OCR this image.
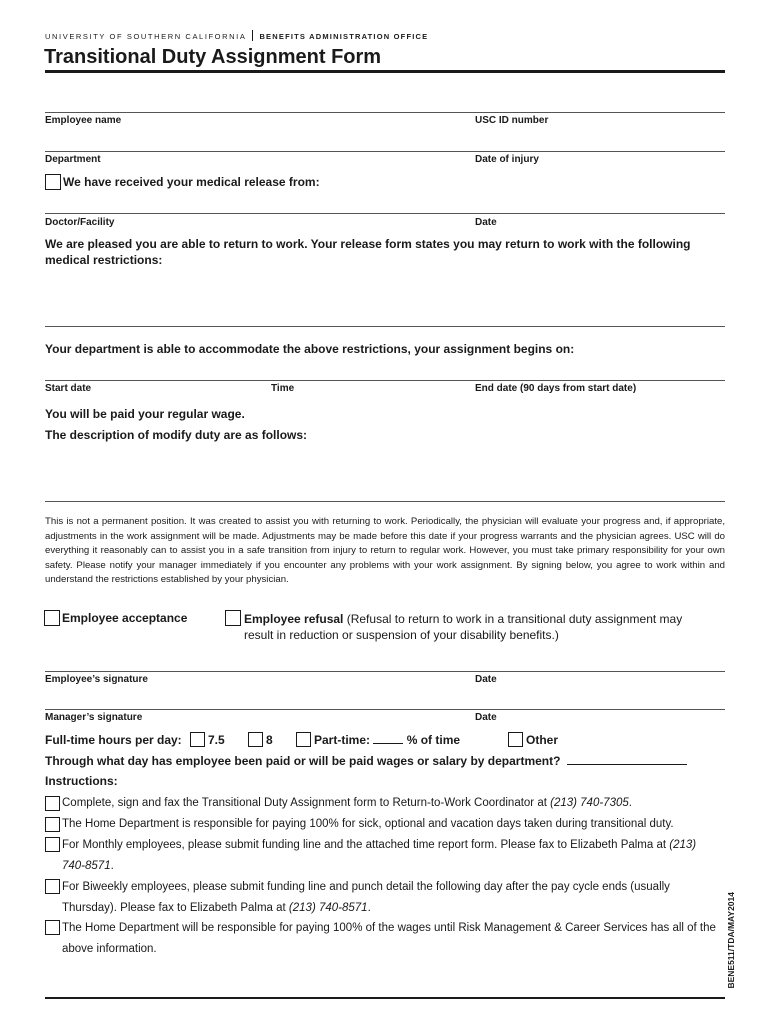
UNIVERSITY OF SOUTHERN CALIFORNIA BENEFITS ADMINISTRATION OFFICE
Transitional Duty Assignment Form
Employee name	USC ID number
Department	Date of injury
We have received your medical release from:
Doctor/Facility	Date
We are pleased you are able to return to work. Your release form states you may return to work with the following medical restrictions:
Your department is able to accommodate the above restrictions, your assignment begins on:
Start date	Time	End date (90 days from start date)
You will be paid your regular wage.
The description of modify duty are as follows:
This is not a permanent position. It was created to assist you with returning to work. Periodically, the physician will evaluate your progress and, if appropriate, adjustments in the work assignment will be made. Adjustments may be made before this date if your progress warrants and the physician agrees. USC will do everything it reasonably can to assist you in a safe transition from injury to return to regular work. However, you must take primary responsibility for your own safety. Please notify your manager immediately if you encounter any problems with your work assignment. By signing below, you agree to work within and understand the restrictions established by your physician.
Employee acceptance	Employee refusal (Refusal to return to work in a transitional duty assignment may result in reduction or suspension of your disability benefits.)
Employee’s signature	Date
Manager’s signature	Date
Full-time hours per day: 7.5	8	Part-time:	% of time	Other
Through what day has employee been paid or will be paid wages or salary by department?
Instructions:
Complete, sign and fax the Transitional Duty Assignment form to Return-to-Work Coordinator at (213) 740-7305.
The Home Department is responsible for paying 100% for sick, optional and vacation days taken during transitional duty.
For Monthly employees, please submit funding line and the attached time report form. Please fax to Elizabeth Palma at (213) 740-8571.
For Biweekly employees, please submit funding line and punch detail the following day after the pay cycle ends (usually Thursday). Please fax to Elizabeth Palma at (213) 740-8571.
The Home Department will be responsible for paying 100% of the wages until Risk Management & Career Services has all of the above information.	BENE511/TDA/MAY2014
